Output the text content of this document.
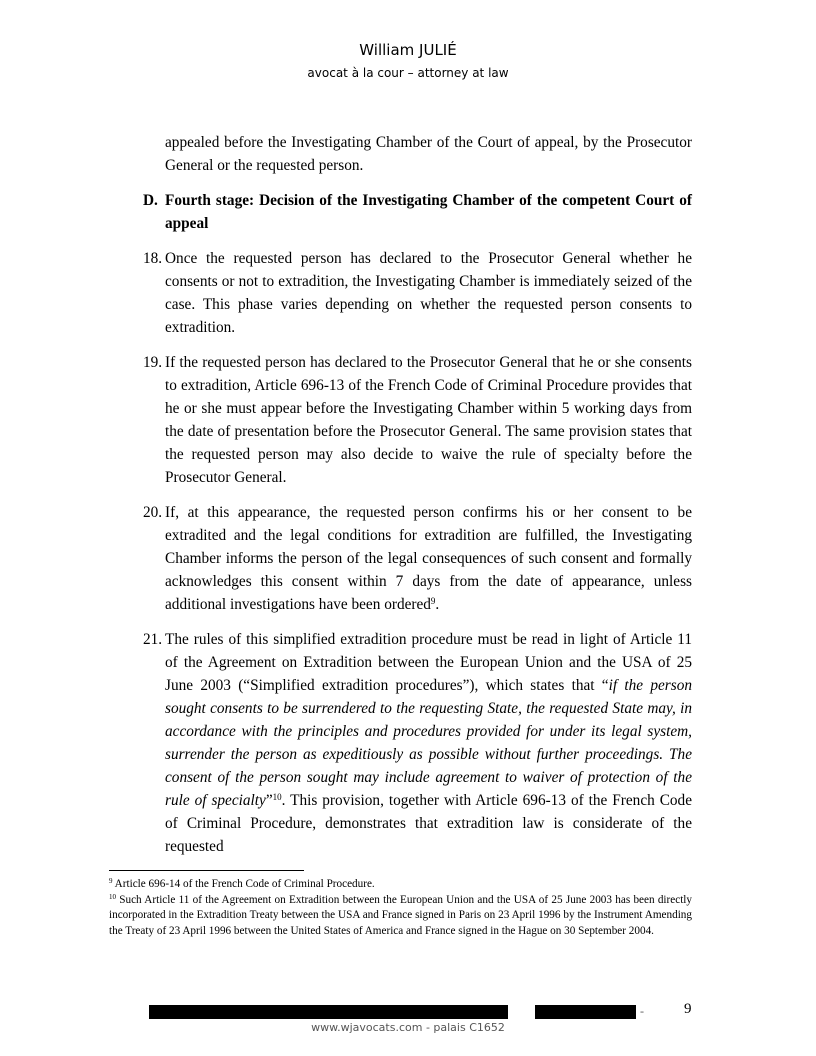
William JULIÉ
avocat à la cour – attorney at law
appealed before the Investigating Chamber of the Court of appeal, by the Prosecutor General or the requested person.
D. Fourth stage: Decision of the Investigating Chamber of the competent Court of appeal
18. Once the requested person has declared to the Prosecutor General whether he consents or not to extradition, the Investigating Chamber is immediately seized of the case. This phase varies depending on whether the requested person consents to extradition.
19. If the requested person has declared to the Prosecutor General that he or she consents to extradition, Article 696-13 of the French Code of Criminal Procedure provides that he or she must appear before the Investigating Chamber within 5 working days from the date of presentation before the Prosecutor General. The same provision states that the requested person may also decide to waive the rule of specialty before the Prosecutor General.
20. If, at this appearance, the requested person confirms his or her consent to be extradited and the legal conditions for extradition are fulfilled, the Investigating Chamber informs the person of the legal consequences of such consent and formally acknowledges this consent within 7 days from the date of appearance, unless additional investigations have been ordered$^9$.
21. The rules of this simplified extradition procedure must be read in light of Article 11 of the Agreement on Extradition between the European Union and the USA of 25 June 2003 (“Simplified extradition procedures”), which states that “if the person sought consents to be surrendered to the requesting State, the requested State may, in accordance with the principles and procedures provided for under its legal system, surrender the person as expeditiously as possible without further proceedings. The consent of the person sought may include agreement to waiver of protection of the rule of specialty”$^{10}$. This provision, together with Article 696-13 of the French Code of Criminal Procedure, demonstrates that extradition law is considerate of the requested
$^9$ Article 696-14 of the French Code of Criminal Procedure.
$^{10}$ Such Article 11 of the Agreement on Extradition between the European Union and the USA of 25 June 2003 has been directly incorporated in the Extradition Treaty between the USA and France signed in Paris on 23 April 1996 by the Instrument Amending the Treaty of 23 April 1996 between the United States of America and France signed in the Hague on 30 September 2004.
-	9
www.wjavocats.com - palais C1652
